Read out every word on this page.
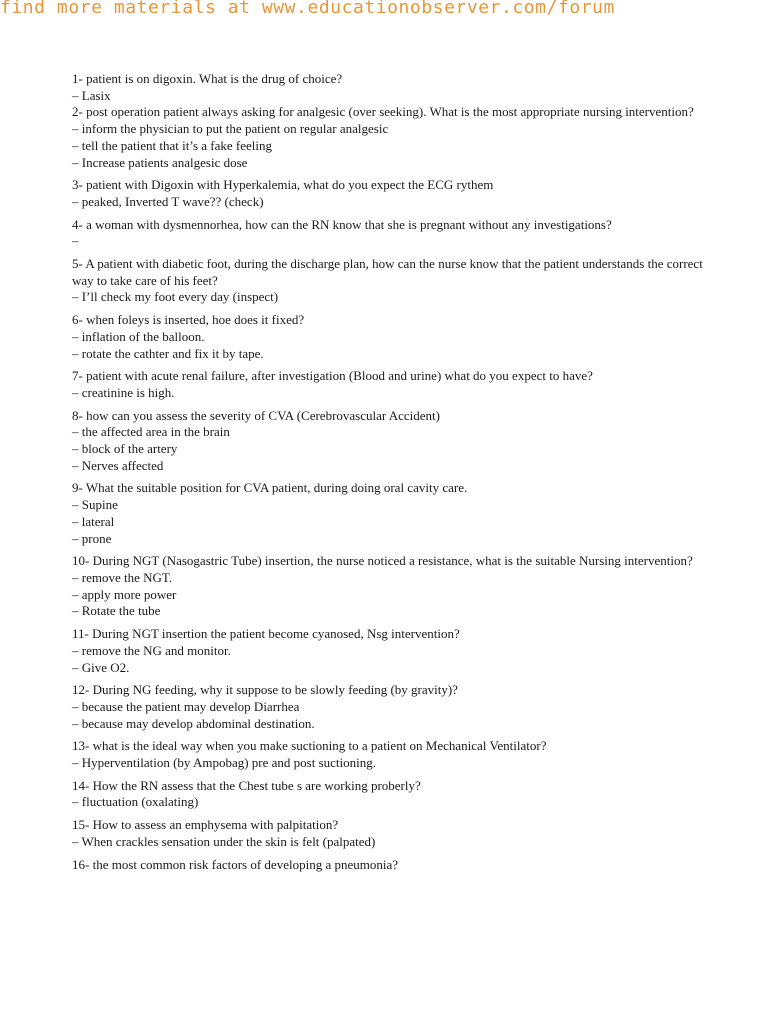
find more materials at www.educationobserver.com/forum
1- patient is on digoxin. What is the drug of choice?
– Lasix
2- post operation patient always asking for analgesic (over seeking). What is the most appropriate nursing intervention?
– inform the physician to put the patient on regular analgesic
– tell the patient that it’s a fake feeling
– Increase patients analgesic dose
3- patient with Digoxin with Hyperkalemia, what do you expect the ECG rythem
– peaked, Inverted T wave?? (check)
4- a woman with dysmennorhea, how can the RN know that she is pregnant without any investigations?
–
5- A patient with diabetic foot, during the discharge plan, how can the nurse know that the patient understands the correct way to take care of his feet?
– I’ll check my foot every day (inspect)
6- when foleys is inserted, hoe does it fixed?
– inflation of the balloon.
– rotate the cathter and fix it by tape.
7- patient with acute renal failure, after investigation (Blood and urine) what do you expect to have?
– creatinine is high.
8- how can you assess the severity of CVA (Cerebrovascular Accident)
– the affected area in the brain
– block of the artery
– Nerves affected
9- What the suitable position for CVA patient, during doing oral cavity care.
– Supine
– lateral
– prone
10- During NGT (Nasogastric Tube) insertion, the nurse noticed a resistance, what is the suitable Nursing intervention?
– remove the NGT.
– apply more power
– Rotate the tube
11- During NGT insertion the patient become cyanosed, Nsg intervention?
– remove the NG and monitor.
– Give O2.
12- During NG feeding, why it suppose to be slowly feeding (by gravity)?
– because the patient may develop Diarrhea
– because may develop abdominal destination.
13- what is the ideal way when you make suctioning to a patient on Mechanical Ventilator?
– Hyperventilation (by Ampobag) pre and post suctioning.
14- How the RN assess that the Chest tube s are working proberly?
– fluctuation (oxalating)
15- How to assess an emphysema with palpitation?
– When crackles sensation under the skin is felt (palpated)
16- the most common risk factors of developing a pneumonia?
